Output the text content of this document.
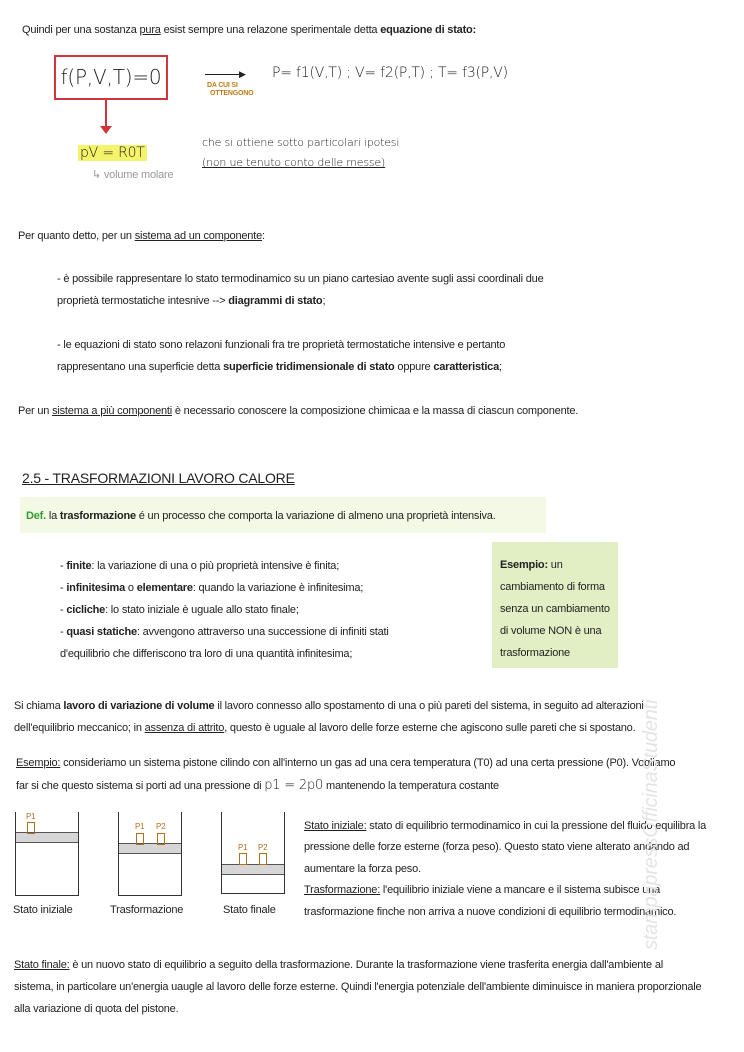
Quindi per una sostanza pura esist sempre una relazone sperimentale detta equazione di stato:
f(P,V,T)=0	▶
DA CUI SI
OTTENGONO
P= f1(V,T) ; V= f2(P,T) ; T= f3(P,V)
pV = R0T
↳ volume molare
che si ottiene sotto particolari ipotesi
(non ue tenuto conto delle messe)
Per quanto detto, per un sistema ad un componente:
- è possibile rappresentare lo stato termodinamico su un piano cartesiao avente sugli assi coordinali due
proprietà termostatiche intesnive --> diagrammi di stato;
- le equazioni di stato sono relazoni funzionali fra tre proprietà termostatiche intensive e pertanto
rappresentano una superficie detta superficie tridimensionale di stato oppure caratteristica;
Per un sistema a più componenti è necessario conoscere la composizione chimicaa e la massa di ciascun componente.
2.5 - TRASFORMAZIONI LAVORO CALORE
Def. la trasformazione é un processo che comporta la variazione di almeno una proprietà intensiva.
- finite: la variazione di una o più proprietà intensive è finita;
- infinitesima o elementare: quando la variazione è infinitesima;
- cicliche: lo stato iniziale è uguale allo stato finale;
- quasi statiche: avvengono attraverso una successione di infiniti stati
d'equilibrio che differiscono tra loro di una quantità infinitesima;
Esempio: un
cambiamento di forma
senza un cambiamento
di volume NON è una
trasformazione
Si chiama lavoro di variazione di volume il lavoro connesso allo spostamento di una o più pareti del sistema, in seguito ad alterazioni
dell'equilibrio meccanico; in assenza di attrito, questo è uguale al lavoro delle forze esterne che agiscono sulle pareti che si spostano.
Esempio: consideriamo un sistema pistone cilindo con all'interno un gas ad una cera temperatura (T0) ad una certa pressione (P0). Vogliamo
far si che questo sistema si porti ad una pressione di p1 = 2p0 mantenendo la temperatura costante
P1
Stato iniziale
P1 P2
Trasformazione
P1 P2
Stato finale
Stato iniziale: stato di equilibrio termodinamico in cui la pressione del fluido equilibra la
pressione delle forze esterne (forza peso). Questo stato viene alterato andando ad
aumentare la forza peso.
Trasformazione: l'equilibrio iniziale viene a mancare e il sistema subisce una
trasformazione finche non arriva a nuove condizioni di equilibrio termodinamico.
Stato finale: è un nuovo stato di equilibrio a seguito della trasformazione. Durante la trasformazione viene trasferita energia dall'ambiente al
sistema, in particolare un'energia uaugle al lavoro delle forze esterne. Quindi l'energia potenziale dell'ambiente diminuisce in maniera proporzionale
alla variazione di quota del pistone.
stampapressOfficinaStudenti
